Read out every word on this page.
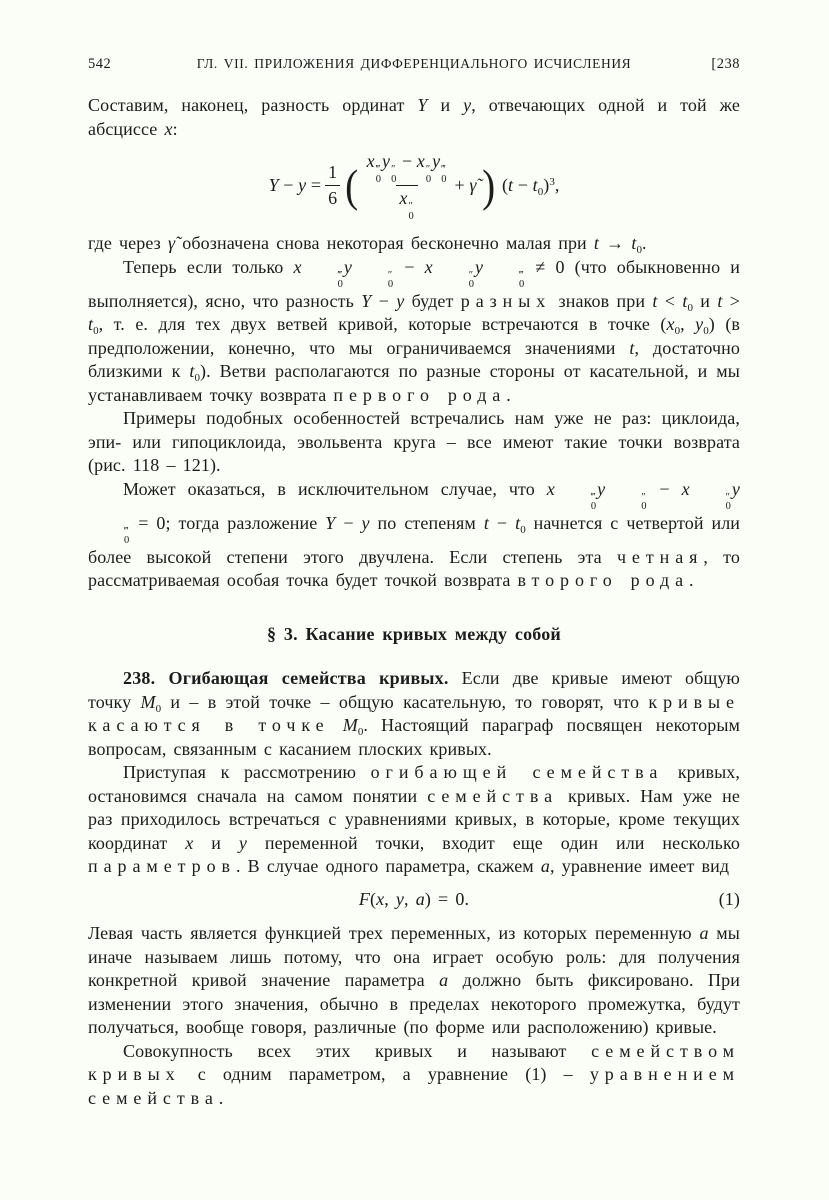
542	ГЛ. VII. ПРИЛОЖЕНИЯ ДИФФЕРЕНЦИАЛЬНОГО ИСЧИСЛЕНИЯ	[238

Составим, наконец, разность ординат Y и y, отвечающих одной и той же абсциссе x:

$Y - y = \frac{1}{6}$ ( x ‴
0
y ″
0
− x ″
0
y ‴
0
x ″
0 + γ̃ ) $(t - t_0)^3$,

где через γ̃ обозначена снова некоторая бесконечно малая при $t \to t_0$.

Теперь если только x	‴
0
y	″
0
− x	″
0
y	‴
0
≠ 0 (что обыкновенно и выполняется), ясно, что разность Y − y будет разных знаков при $t < t_0$ и $t > t_0$, т. е. для тех двух ветвей кривой, которые встречаются в точке ($x_0$, $y_0$) (в предположении, конечно, что мы ограничиваемся значениями t, достаточно близкими к $t_0$). Ветви располагаются по разные стороны от касательной, и мы устанавливаем точку возврата первого рода.

Примеры подобных особенностей встречались нам уже не раз: циклоида, эпи- или гипоциклоида, эвольвента круга – все имеют такие точки возврата (рис. 118 – 121).

Может оказаться, в исключительном случае, что x	‴
0
y	″
0
− x	″
0
y
‴
0
= 0; тогда разложение Y − y по степеням $t - t_0$ начнется с четвертой или более высокой степени этого двучлена. Если степень эта четная, то рассматриваемая особая точка будет точкой возврата второго рода.

§ 3. Касание кривых между собой

238. Огибающая семейства кривых. Если две кривые имеют общую точку $M_0$ и – в этой точке – общую касательную, то говорят, что кривые касаются в точке $M_0$. Настоящий параграф посвящен некоторым вопросам, связанным с касанием плоских кривых.

Приступая к рассмотрению огибающей семейства кривых, остановимся сначала на самом понятии семейства кривых. Нам уже не раз приходилось встречаться с уравнениями кривых, в которые, кроме текущих координат x и y переменной точки, входит еще один или несколько параметров. В случае одного параметра, скажем a, уравнение имеет вид

F(x, y, a) = 0.	(1)

Левая часть является функцией трех переменных, из которых переменную a мы иначе называем лишь потому, что она играет особую роль: для получения конкретной кривой значение параметра a должно быть фиксировано. При изменении этого значения, обычно в пределах некоторого промежутка, будут получаться, вообще говоря, различные (по форме или расположению) кривые.

Совокупность всех этих кривых и называют семейством кривых с одним параметром, а уравнение (1) – уравнением семейства.
